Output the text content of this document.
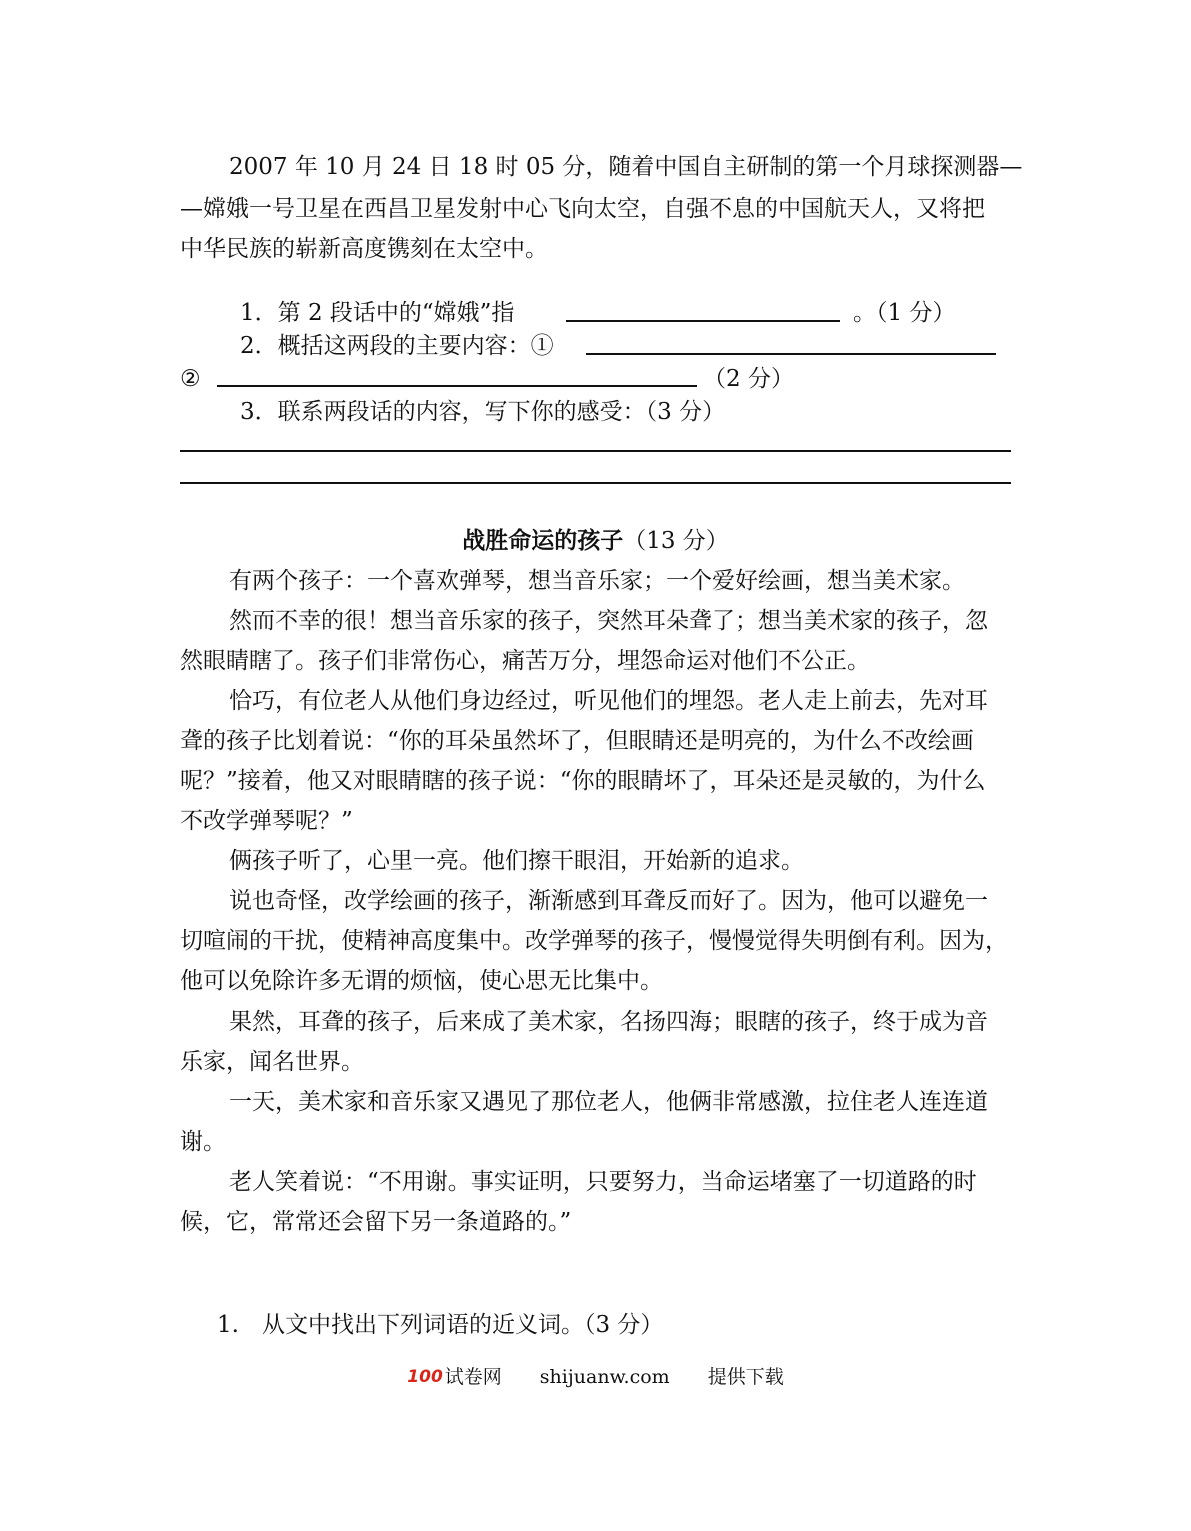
2007 年 10 月 24 日 18 时 05 分，随着中国自主研制的第一个月球探测器—
—嫦娥一号卫星在西昌卫星发射中心飞向太空，自强不息的中国航天人，又将把
中华民族的崭新高度镌刻在太空中。
1．第 2 段话中的“嫦娥”指	。（1 分）
2．概括这两段的主要内容：①
②	（2 分）
3．联系两段话的内容，写下你的感受：（3 分）
战胜命运的孩子（13 分）
有两个孩子：一个喜欢弹琴，想当音乐家；一个爱好绘画，想当美术家。
然而不幸的很！想当音乐家的孩子，突然耳朵聋了；想当美术家的孩子，忽
然眼睛瞎了。孩子们非常伤心，痛苦万分，埋怨命运对他们不公正。
恰巧，有位老人从他们身边经过，听见他们的埋怨。老人走上前去，先对耳
聋的孩子比划着说：“你的耳朵虽然坏了，但眼睛还是明亮的，为什么不改绘画
呢？”接着，他又对眼睛瞎的孩子说：“你的眼睛坏了，耳朵还是灵敏的，为什么
不改学弹琴呢？”
俩孩子听了，心里一亮。他们擦干眼泪，开始新的追求。
说也奇怪，改学绘画的孩子，渐渐感到耳聋反而好了。因为，他可以避免一
切喧闹的干扰，使精神高度集中。改学弹琴的孩子，慢慢觉得失明倒有利。因为，
他可以免除许多无谓的烦恼，使心思无比集中。
果然，耳聋的孩子，后来成了美术家，名扬四海；眼瞎的孩子，终于成为音
乐家，闻名世界。
一天，美术家和音乐家又遇见了那位老人，他俩非常感激，拉住老人连连道
谢。
老人笑着说：“不用谢。事实证明，只要努力，当命运堵塞了一切道路的时
候，它，常常还会留下另一条道路的。”
1.　从文中找出下列词语的近义词。（3 分）
100 试卷网 shijuanw.com 提供下载
